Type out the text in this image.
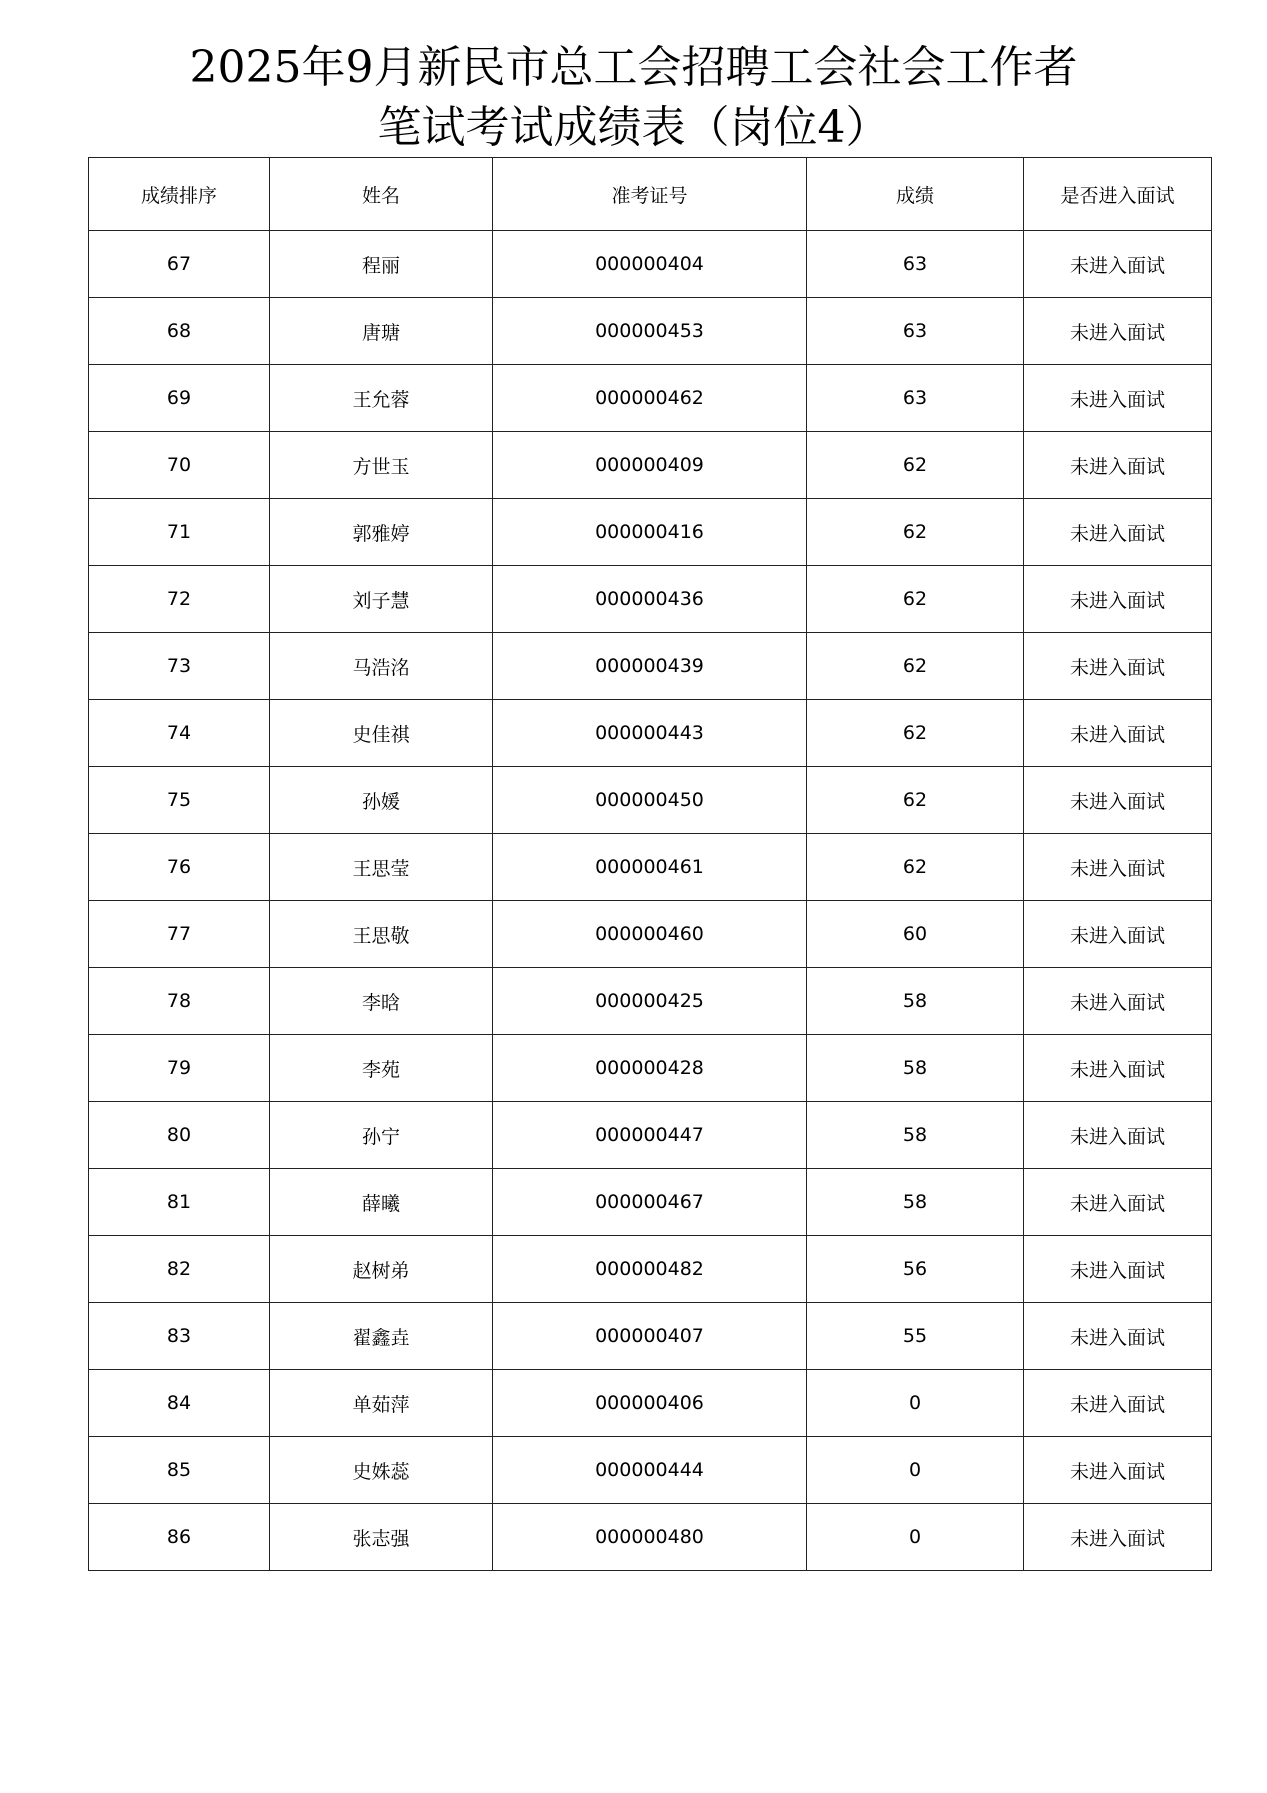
2025年9月新民市总工会招聘工会社会工作者
笔试考试成绩表（岗位4）
成绩排序	姓名	准考证号	成绩	是否进入面试
67	程丽	000000404	63	未进入面试
68	唐瑭	000000453	63	未进入面试
69	王允蓉	000000462	63	未进入面试
70	方世玉	000000409	62	未进入面试
71	郭雅婷	000000416	62	未进入面试
72	刘子慧	000000436	62	未进入面试
73	马浩洺	000000439	62	未进入面试
74	史佳祺	000000443	62	未进入面试
75	孙媛	000000450	62	未进入面试
76	王思莹	000000461	62	未进入面试
77	王思敬	000000460	60	未进入面试
78	李晗	000000425	58	未进入面试
79	李苑	000000428	58	未进入面试
80	孙宁	000000447	58	未进入面试
81	薛曦	000000467	58	未进入面试
82	赵树弟	000000482	56	未进入面试
83	翟鑫垚	000000407	55	未进入面试
84	单茹萍	000000406	0	未进入面试
85	史姝蕊	000000444	0	未进入面试
86	张志强	000000480	0	未进入面试
